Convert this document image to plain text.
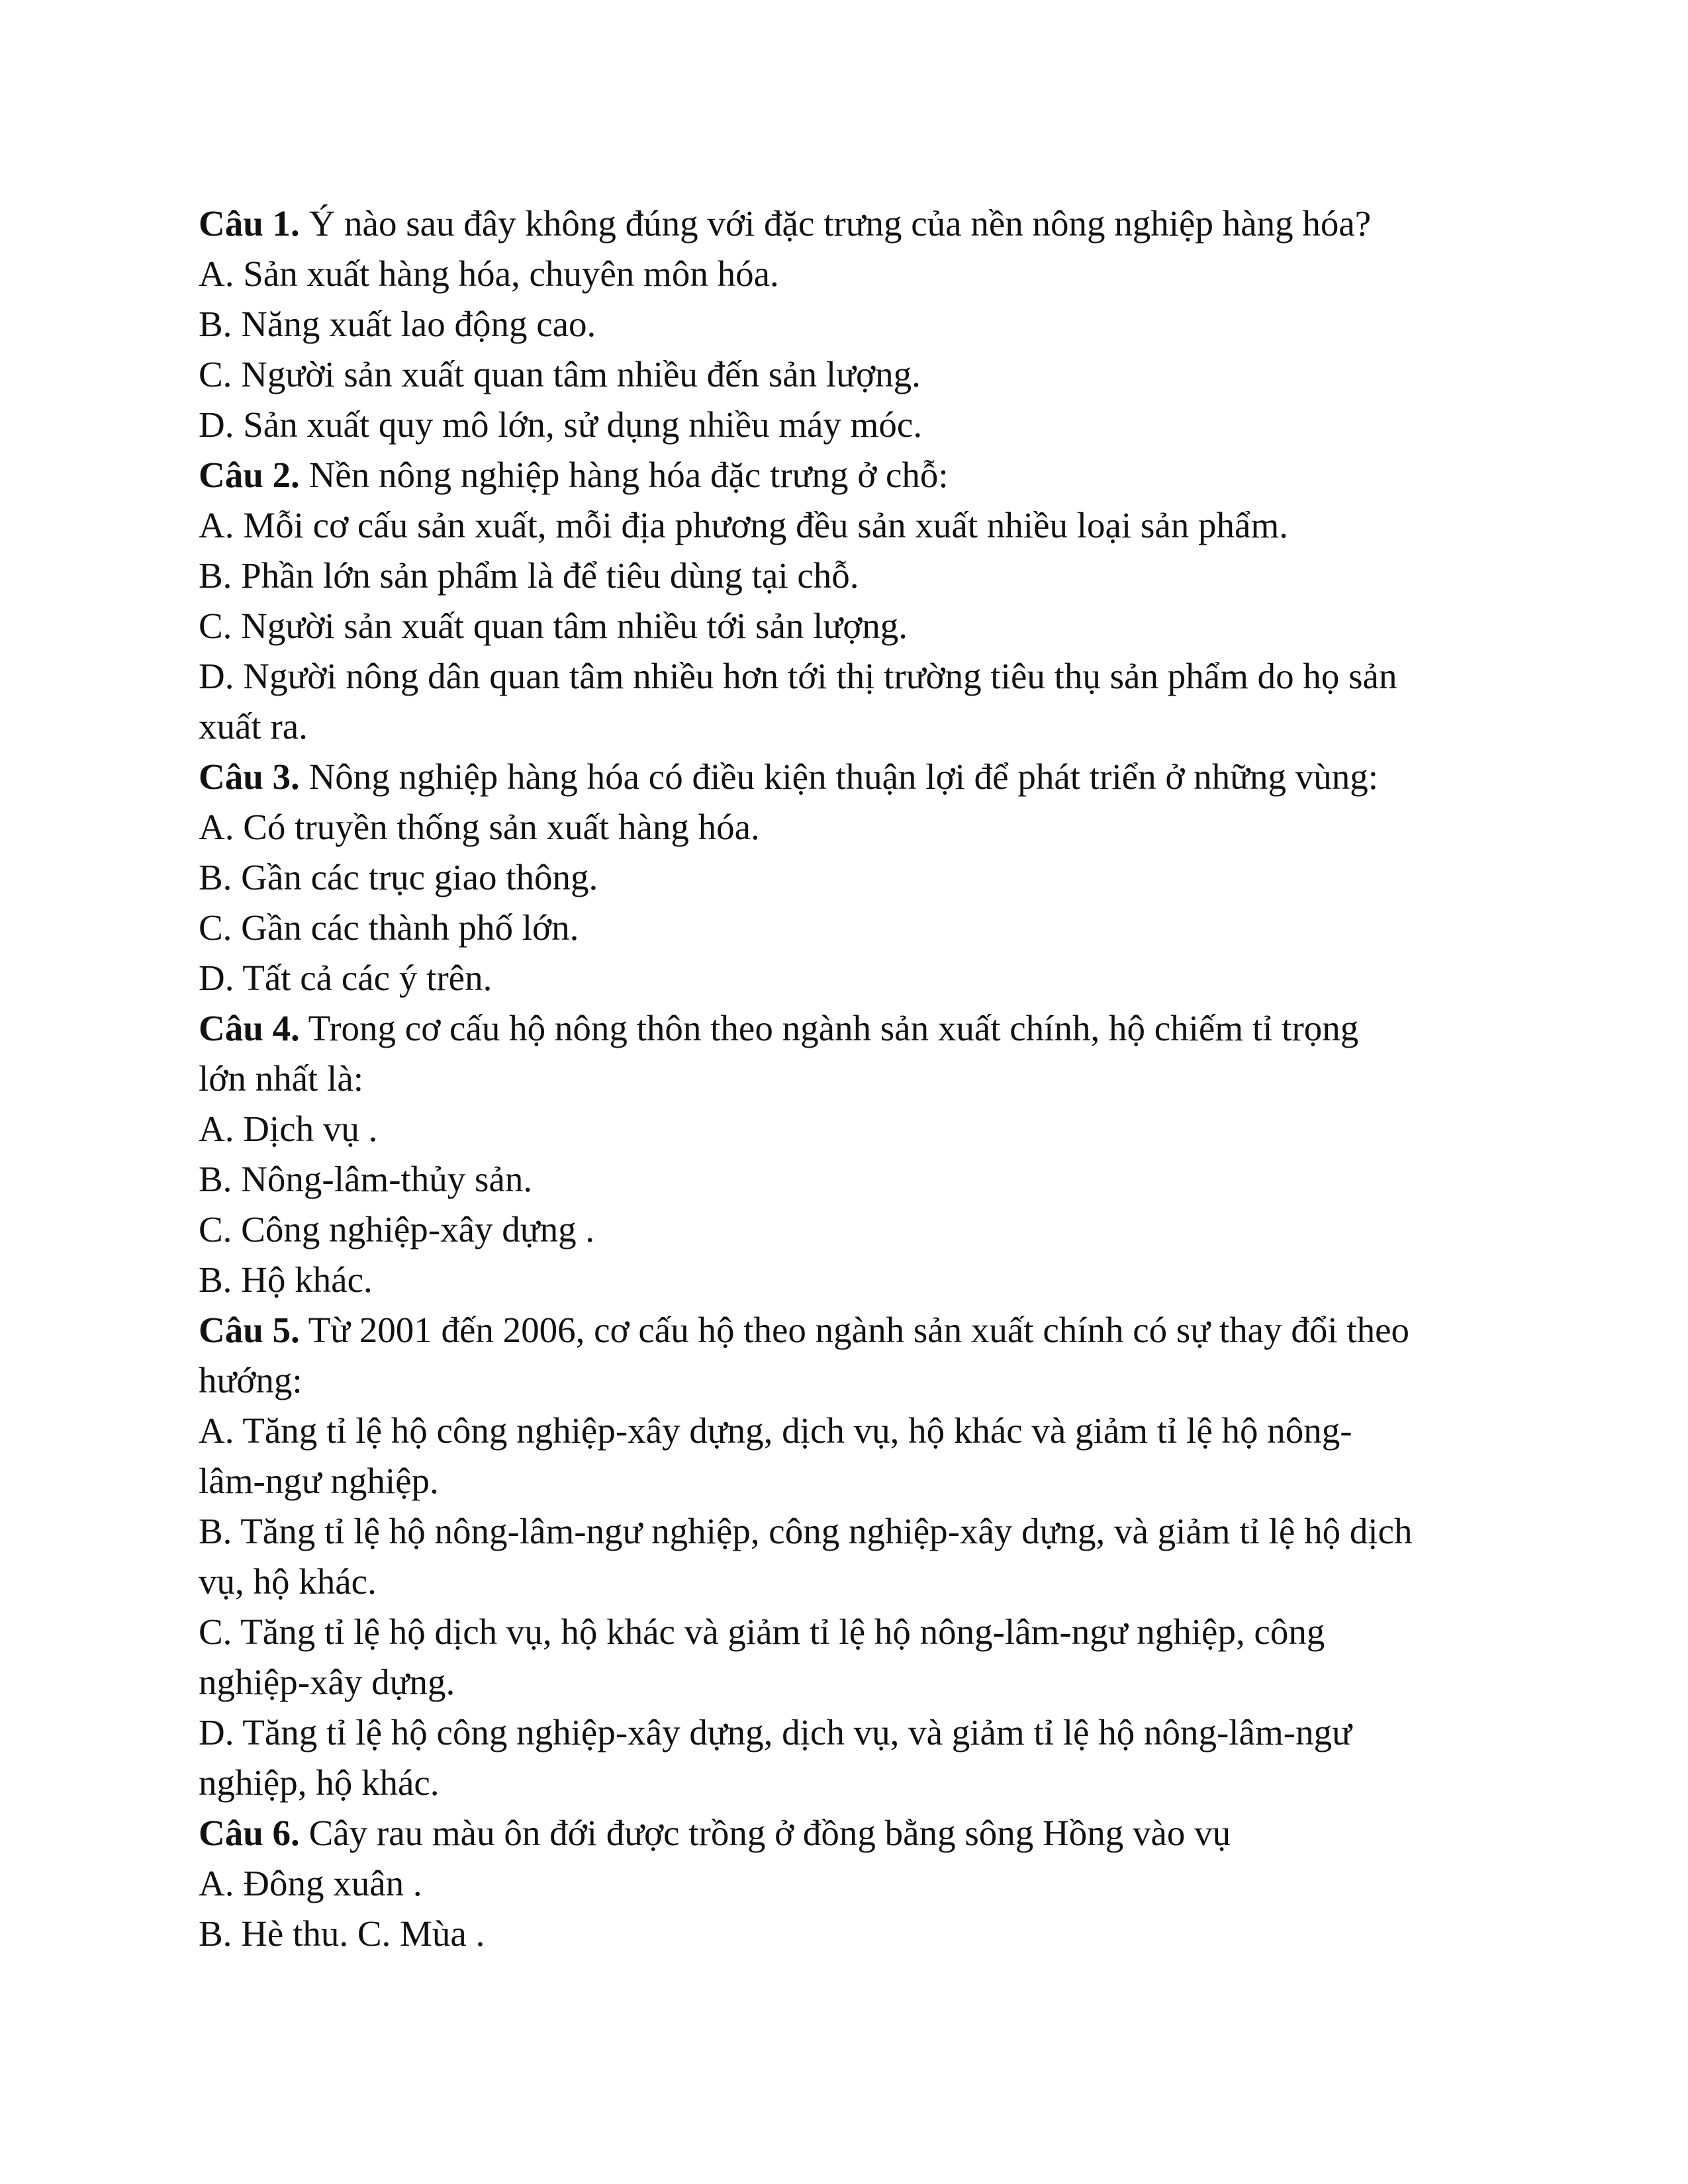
Câu 1. Ý nào sau đây không đúng với đặc trưng của nền nông nghiệp hàng hóa?
A. Sản xuất hàng hóa, chuyên môn hóa.
B. Năng xuất lao động cao.
C. Người sản xuất quan tâm nhiều đến sản lượng.
D. Sản xuất quy mô lớn, sử dụng nhiều máy móc.
Câu 2. Nền nông nghiệp hàng hóa đặc trưng ở chỗ:
A. Mỗi cơ cấu sản xuất, mỗi địa phương đều sản xuất nhiều loại sản phẩm.
B. Phần lớn sản phẩm là để tiêu dùng tại chỗ.
C. Người sản xuất quan tâm nhiều tới sản lượng.
D. Người nông dân quan tâm nhiều hơn tới thị trường tiêu thụ sản phẩm do họ sản
xuất ra.
Câu 3. Nông nghiệp hàng hóa có điều kiện thuận lợi để phát triển ở những vùng:
A. Có truyền thống sản xuất hàng hóa.
B. Gần các trục giao thông.
C. Gần các thành phố lớn.
D. Tất cả các ý trên.
Câu 4. Trong cơ cấu hộ nông thôn theo ngành sản xuất chính, hộ chiếm tỉ trọng
lớn nhất là:
A. Dịch vụ .
B. Nông-lâm-thủy sản.
C. Công nghiệp-xây dựng .
B. Hộ khác.
Câu 5. Từ 2001 đến 2006, cơ cấu hộ theo ngành sản xuất chính có sự thay đổi theo
hướng:
A. Tăng tỉ lệ hộ công nghiệp-xây dựng, dịch vụ, hộ khác và giảm tỉ lệ hộ nông-
lâm-ngư nghiệp.
B. Tăng tỉ lệ hộ nông-lâm-ngư nghiệp, công nghiệp-xây dựng, và giảm tỉ lệ hộ dịch
vụ, hộ khác.
C. Tăng tỉ lệ hộ dịch vụ, hộ khác và giảm tỉ lệ hộ nông-lâm-ngư nghiệp, công
nghiệp-xây dựng.
D. Tăng tỉ lệ hộ công nghiệp-xây dựng, dịch vụ, và giảm tỉ lệ hộ nông-lâm-ngư
nghiệp, hộ khác.
Câu 6. Cây rau màu ôn đới được trồng ở đồng bằng sông Hồng vào vụ
A. Đông xuân .
B. Hè thu. C. Mùa .
